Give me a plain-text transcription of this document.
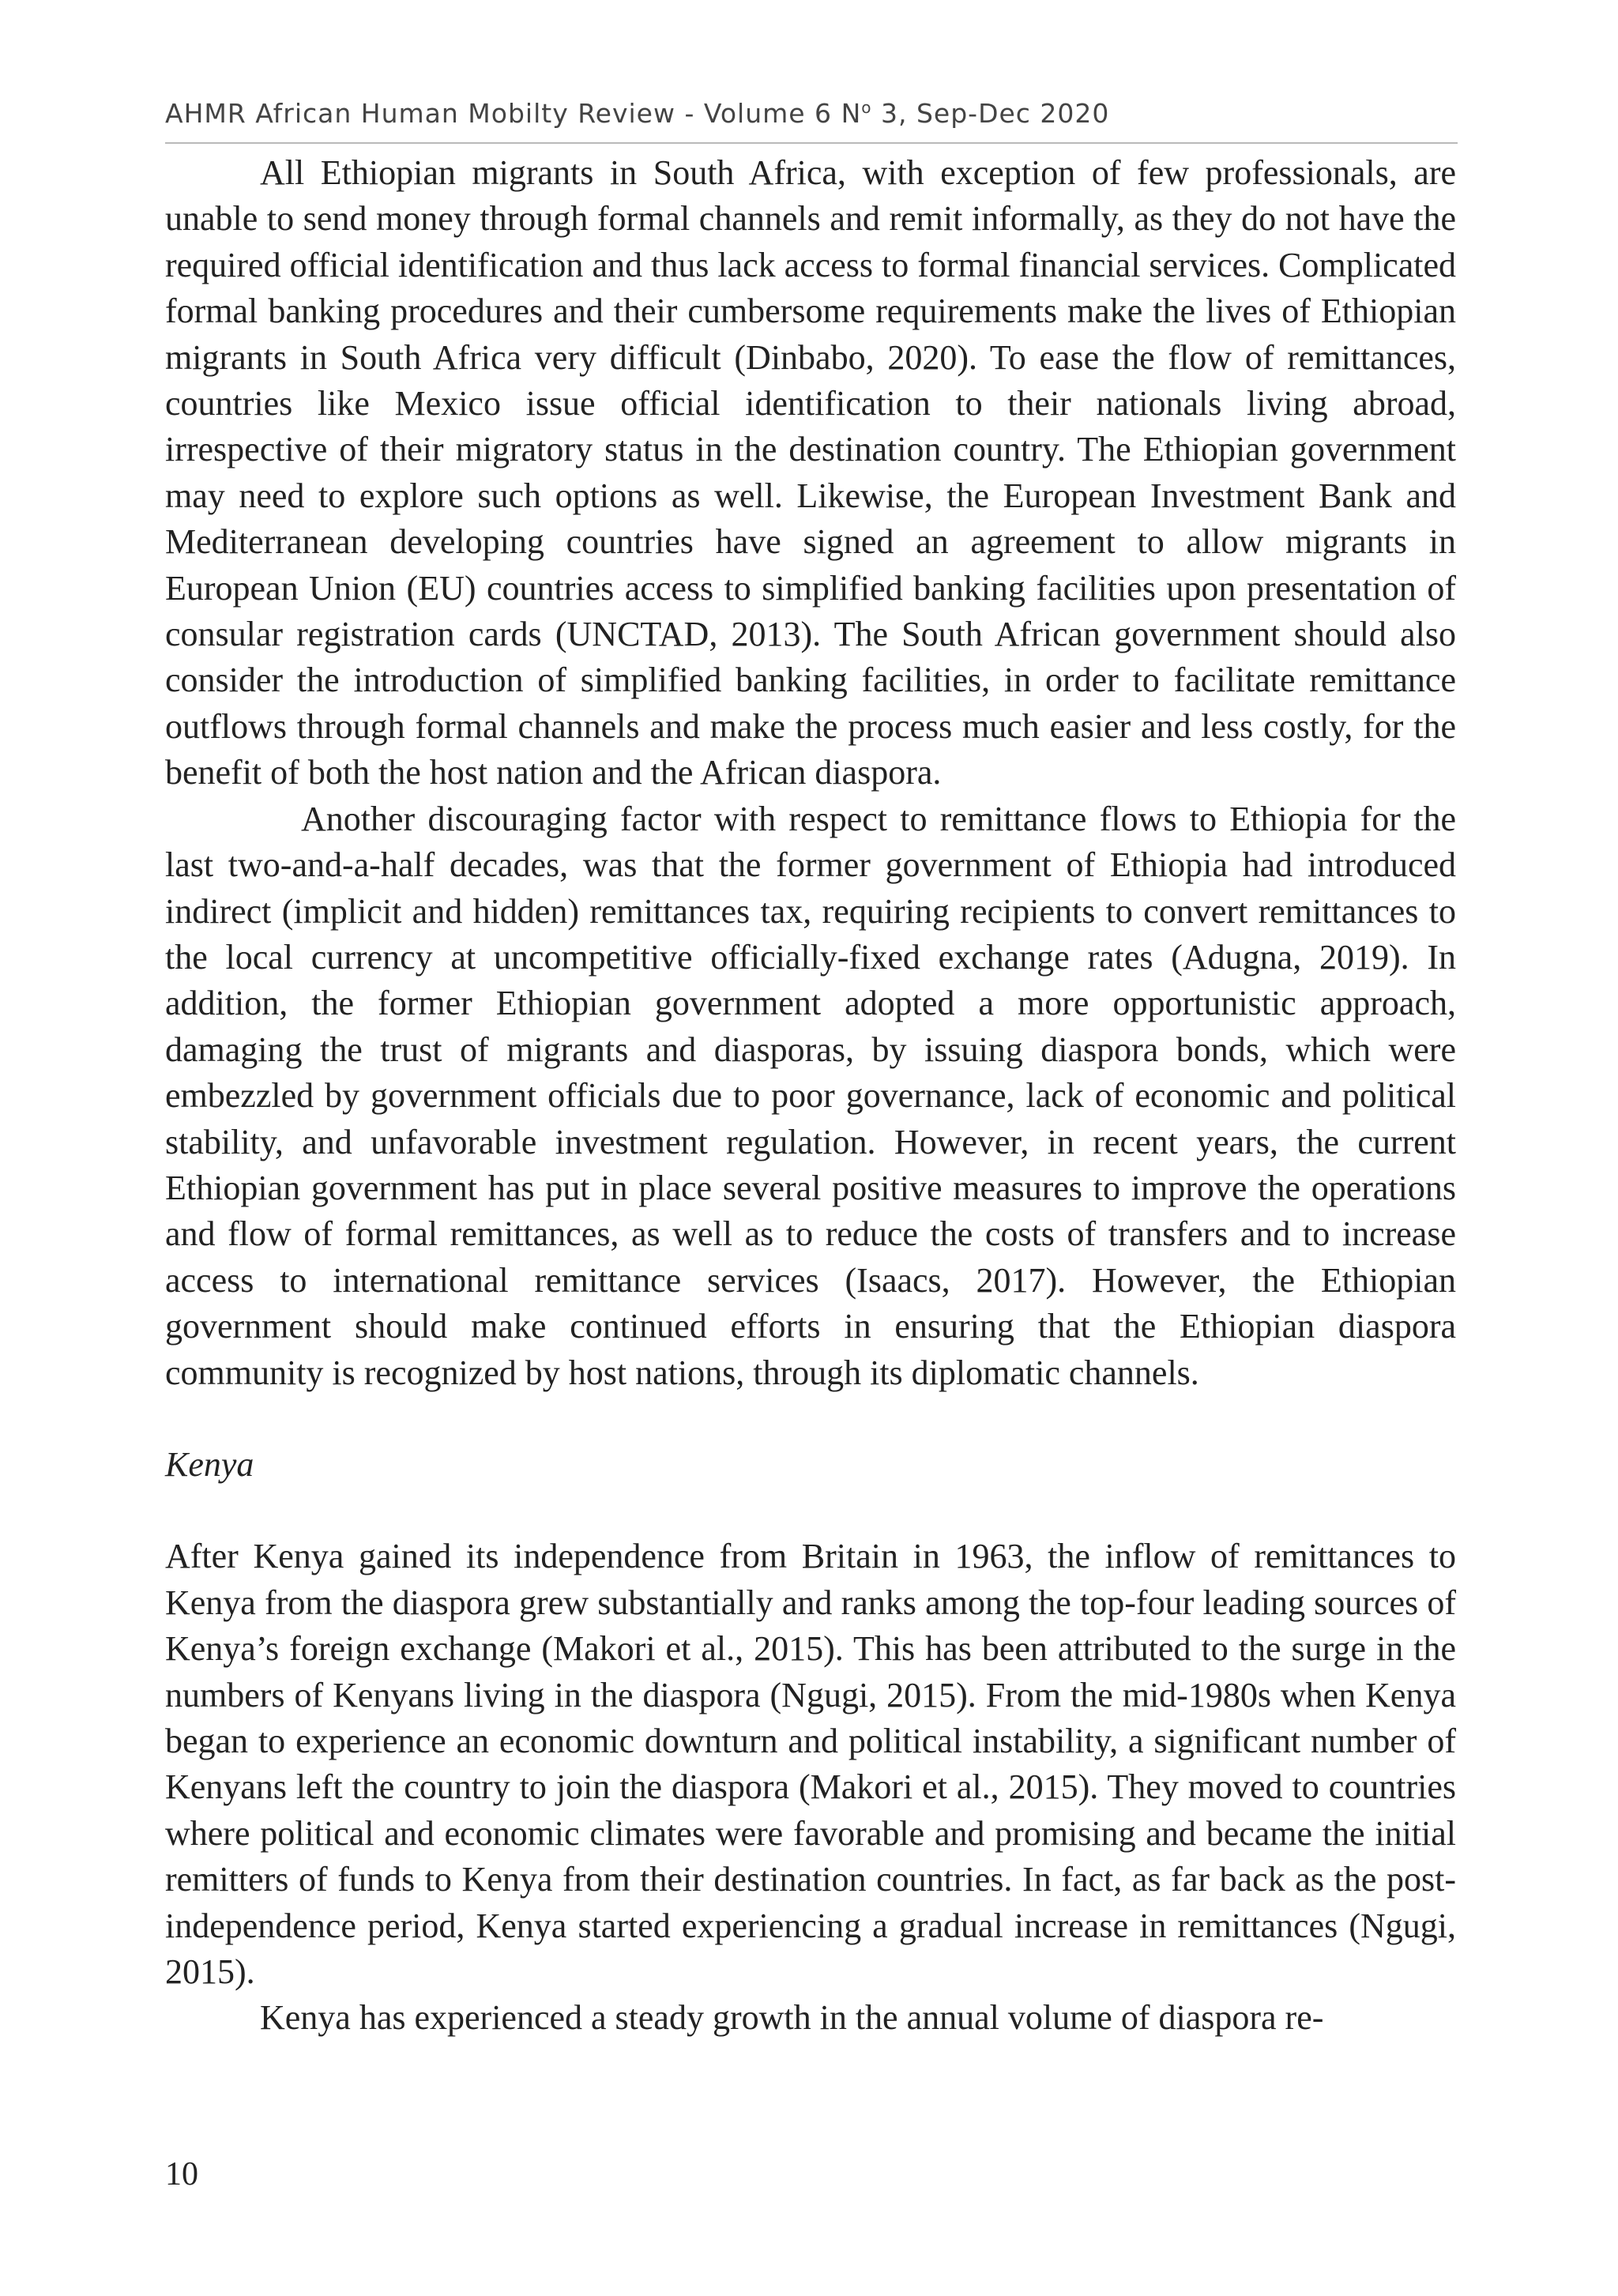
AHMR African Human Mobilty Review - Volume 6 $N^o$ 3, Sep-Dec 2020

All Ethiopian migrants in South Africa, with exception of few professionals, are unable to send money through formal channels and remit informally, as they do not have the required official identification and thus lack access to formal financial services. Complicated formal banking procedures and their cumbersome requirements make the lives of Ethiopian migrants in South Africa very difficult (Dinbabo, 2020). To ease the flow of remittances, countries like Mexico issue official identification to their nationals living abroad, irrespective of their migratory status in the destination country. The Ethiopian government may need to explore such options as well. Likewise, the European Investment Bank and Mediterranean developing countries have signed an agreement to allow migrants in European Union (EU) countries access to simplified banking facilities upon presentation of consular registration cards (UNCTAD, 2013). The South African government should also consider the introduction of simplified banking facilities, in order to facilitate remittance outflows through formal channels and make the process much easier and less costly, for the benefit of both the host nation and the African diaspora.

Another discouraging factor with respect to remittance flows to Ethiopia for the last two-and-a-half decades, was that the former government of Ethiopia had introduced indirect (implicit and hidden) remittances tax, requiring recipients to convert remittances to the local currency at uncompetitive officially-fixed exchange rates (Adugna, 2019). In addition, the former Ethiopian government adopted a more opportunistic approach, damaging the trust of migrants and diasporas, by issuing diaspora bonds, which were embezzled by government officials due to poor governance, lack of economic and political stability, and unfavorable investment regulation. However, in recent years, the current Ethiopian government has put in place several positive measures to improve the operations and flow of formal remittances, as well as to reduce the costs of transfers and to increase access to international remittance services (Isaacs, 2017). However, the Ethiopian government should make continued efforts in ensuring that the Ethiopian diaspora community is recognized by host nations, through its diplomatic channels.

Kenya

After Kenya gained its independence from Britain in 1963, the inflow of remittances to Kenya from the diaspora grew substantially and ranks among the top-four leading sources of Kenya’s foreign exchange (Makori et al., 2015). This has been attributed to the surge in the numbers of Kenyans living in the diaspora (Ngugi, 2015). From the mid-1980s when Kenya began to experience an economic downturn and political instability, a significant number of Kenyans left the country to join the diaspora (Makori et al., 2015). They moved to countries where political and economic climates were favorable and promising and became the initial remitters of funds to Kenya from their destination countries. In fact, as far back as the post-independence period, Kenya started experiencing a gradual increase in remittances (Ngugi, 2015).

Kenya has experienced a steady growth in the annual volume of diaspora re-

10
